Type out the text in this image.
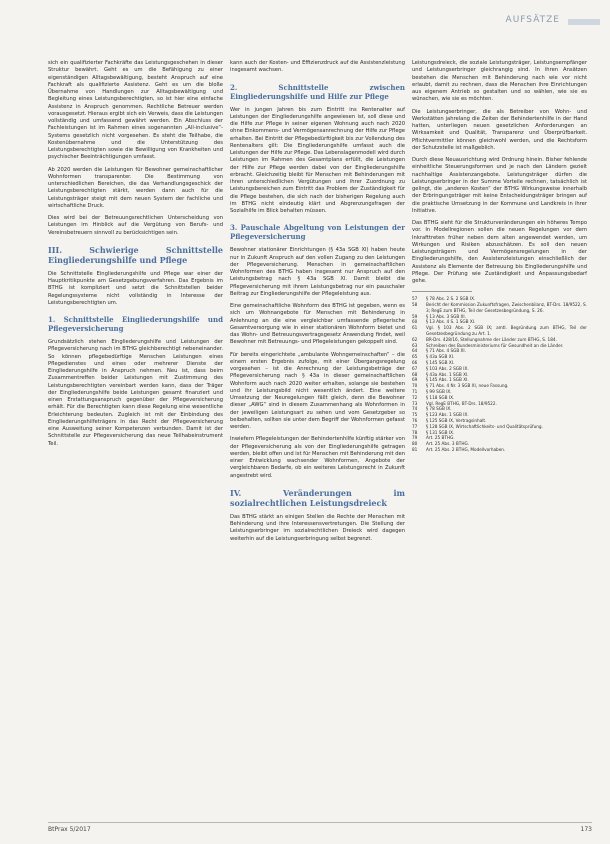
AUFSÄTZE

sich ein qualifizierter Fachkräfte das Leistungsgeschehen in dieser Struktur bewährt. Geht es um die Befähigung zu einer eigenständigen Alltagsbewältigung, besteht Anspruch auf eine Fachkraft als qualifizierte Assistenz. Geht es um die bloße Übernahme von Handlungen zur Alltagsbewältigung und Begleitung eines Leistungsberechtigten, so ist hier eine einfache Assistenz in Anspruch genommen. Rechtliche Betreuer werden vorausgesetzt. Hieraus ergibt sich ein Verweis, dass die Leistungen vollständig und umfassend gewährt werden. Ein Abschluss der Fachleistungen ist im Rahmen eines sogenannten „All-inclusive“-Systems gesetzlich nicht vorgesehen. Es steht die Teilhabe, die Kostenübernahme und die Unterstützung des Leistungsberechtigten sowie die Bewilligung von Krankheiten und psychischer Beeinträchtigungen umfasst.

Ab 2020 werden die Leistungen für Bewohner gemeinschaftlicher Wohnformen transparenter. Die Bestimmung von unterschiedlichen Bereichen, die das Verhandlungsgeschick der Leistungsberechtigten stärkt, werden dann auch für die Leistungsträger steigt mit dem neuen System der fachliche und wirtschaftliche Druck.

Dies wird bei der Betreuungsrechtlichen Unterscheidung von Leistungen im Hinblick auf die Vergütung von Berufs- und Vereinsbetreuern sinnvoll zu berücksichtigen sein.

III. Schwierige Schnittstelle Eingliederungshilfe und Pflege

Die Schnittstelle Eingliederungshilfe und Pflege war einer der Hauptkritikpunkte am Gesetzgebungsverfahren. Das Ergebnis im BTHG ist kompliziert und setzt die Schnittstellen beider Regelungssysteme nicht vollständig in Interesse der Leistungsberechtigten um.

1. Schnittstelle Eingliederungshilfe und Pflegeversicherung

Grundsätzlich stehen Eingliederungshilfe und Leistungen der Pflegeversicherung nach im BTHG gleichberechtigt nebeneinander. So können pflegebedürftige Menschen Leistungen eines Pflegedienstes und eines oder mehrerer Dienste der Eingliederungshilfe in Anspruch nehmen. Neu ist, dass beim Zusammentreffen beider Leistungen mit Zustimmung des Leistungsberechtigten vereinbart werden kann, dass der Träger der Eingliederungshilfe beide Leistungen gesamt finanziert und einen Erstattungsanspruch gegenüber der Pflegeversicherung erhält. Für die Berechtigten kann diese Regelung eine wesentliche Erleichterung bedeuten. Zugleich ist mit der Einbindung des Eingliederungshilfeträgers in das Recht der Pflegeversicherung eine Ausweitung seiner Kompetenzen verbunden. Damit ist der Schnittstelle zur Pflegeversicherung das neue Teilhabeinstrument Teil.

kann auch der Kosten- und Effizienzdruck auf die Assistenzleistung insgesamt wachsen.

2. Schnittstelle zwischen Eingliederungshilfe und Hilfe zur Pflege

Wer in jungen Jahren bis zum Eintritt ins Rentenalter auf Leistungen der Eingliederungshilfe angewiesen ist, soll diese und die Hilfe zur Pflege in seiner eigenen Wohnung auch nach 2020 ohne Einkommens- und Vermögensanrechnung der Hilfe zur Pflege erhalten. Bei Eintritt der Pflegebedürftigkeit bis zur Vollendung des Rentenalters gilt: Die Eingliederungshilfe umfasst auch die Leistungen der Hilfe zur Pflege. Das Lebenslagenmodell wird durch Leistungen im Rahmen des Gesamtplans erfüllt, die Leistungen der Hilfe zur Pflege werden dabei von der Eingliederungshilfe erbracht. Gleichzeitig bleibt für Menschen mit Behinderungen mit ihren unterschiedlichen Vergütungen und ihrer Zuordnung zu Leistungsbereichen zum Eintritt das Problem der Zuständigkeit für die Pflege bestehen, die sich nach der bisherigen Regelung auch im BTHG nicht eindeutig klärt und Abgrenzungsfragen der Sozialhilfe im Blick behalten müssen.

3. Pauschale Abgeltung von Leistungen der Pflegeversicherung

Bewohner stationärer Einrichtungen (§ 43a SGB XI) haben heute nur in Zukunft Anspruch auf den vollen Zugang zu den Leistungen der Pflegeversicherung. Menschen in gemeinschaftlichen Wohnformen des BTHG haben insgesamt nur Anspruch auf den Leistungsbetrag nach § 43a SGB XI. Damit bleibt die Pflegeversicherung mit ihrem Leistungsbetrag nur ein pauschaler Beitrag zur Eingliederungshilfe der Pflegeleistung aus.

Eine gemeinschaftliche Wohnform des BTHG ist gegeben, wenn es sich um Wohnangebote für Menschen mit Behinderung in Anlehnung an die eine vergleichbar umfassende pflegerische Gesamtversorgung wie in einer stationären Wohnform bietet und das Wohn- und Betreuungsvertragsgesetz Anwendung findet, weil Bewohner mit Betreuungs- und Pflegeleistungen gekoppelt sind.

Für bereits eingerichtete „ambulante Wohngemeinschaften“ – die einem ersten Ergebnis zufolge, mit einer Übergangsregelung vorgesehen – ist die Anrechnung der Leistungsbeträge der Pflegeversicherung nach § 43a in dieser gemeinschaftlichen Wohnform auch nach 2020 weiter erhalten, solange sie bestehen und ihr Leistungsbild nicht wesentlich ändert. Eine weitere Umsetzung der Neuregelungen fällt gleich, denn die Bewohner dieser „AWG“ sind in diesem Zusammenhang als Wohnformen in der jeweiligen Leistungsart zu sehen und vom Gesetzgeber so beibehalten, sollten sie unter dem Begriff der Wohnformen gefasst werden.

Inwiefern Pflegeleistungen der Behindertenhilfe künftig stärker von der Pflegeversicherung als von der Eingliederungshilfe getragen werden, bleibt offen und ist für Menschen mit Behinderung mit den einer Entwicklung wachsender Wohnformen, Angebote der vergleichbaren Bedarfe, ob ein weiteres Leistungsrecht in Zukunft angestrebt wird.

IV. Veränderungen im sozialrechtlichen Leistungsdreieck

Das BTHG stärkt an einigen Stellen die Rechte der Menschen mit Behinderung und ihre Interessensvertretungen. Die Stellung der Leistungserbringer im sozialrechtlichen Dreieck wird dagegen weiterhin auf die Leistungserbringung selbst begrenzt.

Leistungsdreieck, die soziale Leistungsträger, Leistungsempfänger und Leistungserbringer gleichrangig sind. In ihren Ansätzen bestehen die Menschen mit Behinderung nach wie vor nicht erlaubt, damit zu rechnen, dass die Menschen ihre Einrichtungen aus eigenem Antrieb so gestalten und so wählen, wie sie es wünschen, wie sie es möchten.

Die Leistungserbringer, die als Betreiber von Wohn- und Werkstätten jahrelang die Zeiten der Behindertenhilfe in der Hand hatten, unterliegen neuen gesetzlichen Anforderungen an Wirksamkeit und Qualität, Transparenz und Überprüfbarkeit. Pflichtvermittler können gleichwohl werden, und die Rechtsform der Schutzstelle ist maßgeblich.

Durch diese Neuausrichtung wird Ordnung hinein. Bisher fehlende einheitliche Steuerungsformen und je nach den Ländern gezielt nachhaltige Assistenzangebote. Leistungsträger dürfen die Leistungserbringer in der Summe Vorteile rechnen, tatsächlich ist gelingt, die „anderen Kosten“ der BTHG Wirkungsweise innerhalb der Erbringungsträger mit keine Entscheidungsträger bringen auf die praktische Umsetzung in der Kommune und Landkreis in ihrer Initiative.

Das BTHG sieht für die Strukturveränderungen ein höheres Tempo vor. In Modellregionen sollen die neuen Regelungen vor dem Inkrafttreten früher neben dem alten angewendet werden, um Wirkungen und Risiken abzuschätzen. Es soll den neuen Leistungsträgern und Vermögensregelungen in der Eingliederungshilfe, den Assistenzleistungen einschließlich der Assistenz als Elemente der Betreuung bis Eingliederungshilfe und Pflege. Der Prüfung wie Zuständigkeit und Anpassungsbedarf gehe.

57	§ 78 Abs. 2 S. 2 SGB IX.
58	Bericht der Kommission Zukunftsfragen, Zwischenbilanz, BT-Drs. 18/9522, S. 3; RegE zum BTHG, Teil der Gesetzesbegründung, S. 26.
59	§ 13 Abs. 3 SGB XI.
60	§ 13 Abs. 4 S. 1 SGB XI.
61	Vgl. § 103 Abs. 2 SGB IX; amtl. Begründung zum BTHG, Teil der Gesetzesbegründung zu Art. 1.
62	BR-Drs. 428/16, Stellungnahme der Länder zum BTHG, S. 184.
63	Schreiben des Bundesministeriums für Gesundheit an die Länder.
64	§ 71 Abs. 4 SGB XI.
65	§ 43a SGB XI.
66	§ 145 SGB XI.
67	§ 103 Abs. 2 SGB IX.
68	§ 43a Abs. 1 SGB XI.
69	§ 145 Abs. 1 SGB XI.
70	§ 71 Abs. 4 Nr. 3 SGB XI, neue Fassung.
71	§ 99 SGB IX.
72	§ 118 SGB IX.
73	Vgl. RegE BTHG, BT-Drs. 18/9522.
74	§ 78 SGB IX.
75	§ 123 Abs. 1 SGB IX.
76	§ 125 SGB IX, Vertragsinhalt.
77	§ 128 SGB IX, Wirtschaftlichkeits- und Qualitätsprüfung.
78	§ 131 SGB IX.
79	Art. 25 BTHG.
80	Art. 25 Abs. 3 BTHG.
81	Art. 25 Abs. 2 BTHG, Modellvorhaben.
BtPrax 5/2017	173
